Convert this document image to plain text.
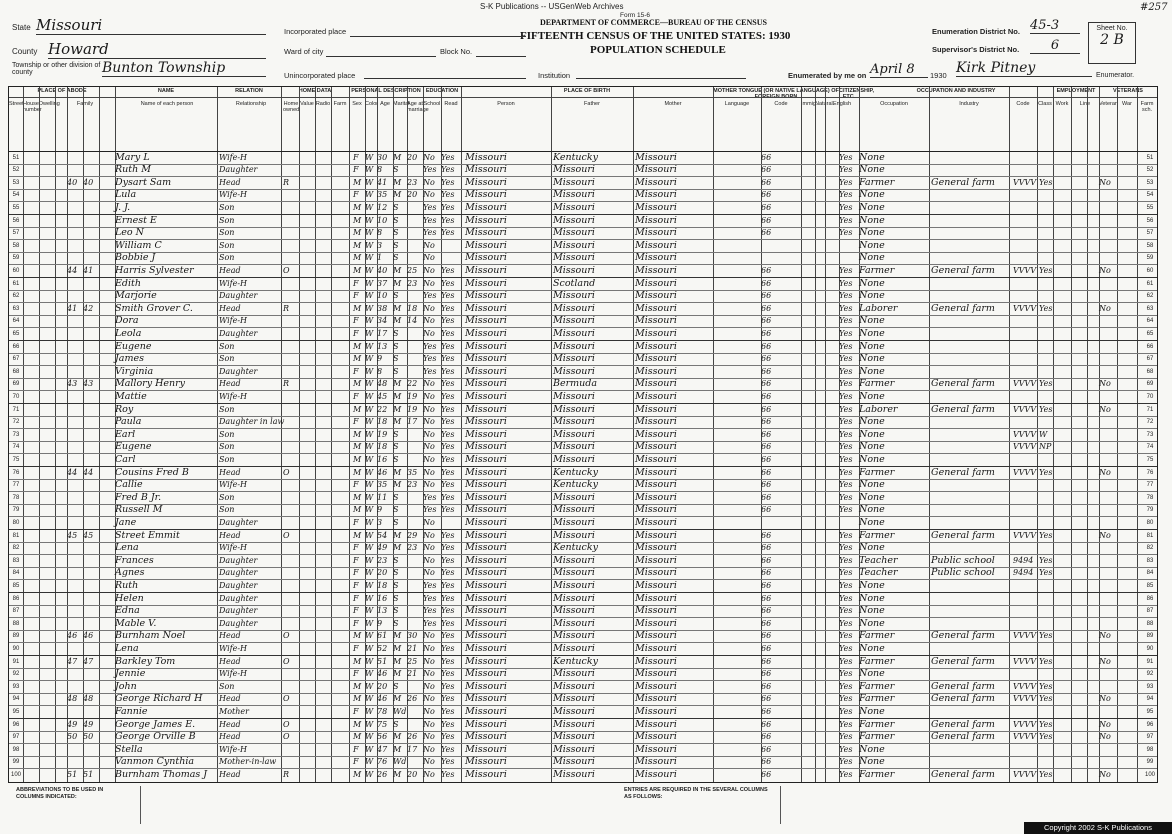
S-K Publications -- USGenWeb Archives
Form 15-6
DEPARTMENT OF COMMERCE—BUREAU OF THE CENSUS
FIFTEENTH CENSUS OF THE UNITED STATES: 1930
POPULATION SCHEDULE
State Missouri
County Howard
Township or other division of county	Bunton Township
Incorporated place
Ward of city	Block No.
Unincorporated place	Institution
Enumeration District No. 45-3
Supervisor's District No.	6
Sheet No.
2 B
#257
Enumerated by me on April 8	1930 Kirk Pitney	Enumerator.
PLACE OF ABODE	NAME	RELATION	HOME DATA	PERSONAL DESCRIPTION EDUCATION	PLACE OF BIRTH	MOTHER TONGUE (OR NATIVE LANGUAGE) OF FOREIGN BORN
CITIZENSHIP, ETC.
OCCUPATION AND INDUSTRY	EMPLOYMENT	VETERANS
Street House number
Dwelling	Family	Name of each person	Relationship	Home owned
Value Radio Farm	Sex Color Age Marital
Age at marriage
School Read	Person	Father	Mother	Language	Code	Immig.
Natural.
English	Occupation	Industry	Code	Class Work	Line	Veteran War	Farm sch.
51	Mary L	Wife-H	F W 30 M 20 No Yes	Missouri	Kentucky	Missouri	66	Yes None	51
52	Ruth M	Daughter	F W 8	S	Yes Yes	Missouri	Missouri	Missouri	66	Yes None	52
53	40 40	Dysart Sam	Head	R	M W 41 M 23 No Yes	Missouri	Missouri	Missouri	66	Yes Farmer	General farm	VVVV Yes	No	53
54	Lula	Wife-H	F W 35 M 20 No Yes	Missouri	Missouri	Missouri	66	Yes None	54
55	J. J.	Son	M W 12 S	Yes Yes	Missouri	Missouri	Missouri	66	Yes None	55
56	Ernest E	Son	M W 10 S	Yes Yes	Missouri	Missouri	Missouri	66	Yes None	56
57	Leo N	Son	M W 8	S	Yes Yes	Missouri	Missouri	Missouri	66	Yes None	57
58	William C	Son	M W 3	S	No	Missouri	Missouri	Missouri	None	58
59	Bobbie J	Son	M W 1	S	No	Missouri	Missouri	Missouri	None	59
60	44 41	Harris Sylvester	Head	O	M W 40 M 25 No Yes	Missouri	Missouri	Missouri	66	Yes Farmer	General farm	VVVV Yes	No	60
61	Edith	Wife-H	F W 37 M 23 No Yes	Missouri	Scotland	Missouri	66	Yes None	61
62	Marjorie	Daughter	F W 10 S	Yes Yes	Missouri	Missouri	Missouri	66	Yes None	62
63	41 42	Smith Grover C.	Head	R	M W 38 M 18 No Yes	Missouri	Missouri	Missouri	66	Yes Laborer	General farm	VVVV Yes	No	63
64	Dora	Wife-H	F W 34 M 14 No Yes	Missouri	Missouri	Missouri	66	Yes None	64
65	Leola	Daughter	F W 17 S	No Yes	Missouri	Missouri	Missouri	66	Yes None	65
66	Eugene	Son	M W 13 S	Yes Yes	Missouri	Missouri	Missouri	66	Yes None	66
67	James	Son	M W 9	S	Yes Yes	Missouri	Missouri	Missouri	66	Yes None	67
68	Virginia	Daughter	F W 8	S	Yes Yes	Missouri	Missouri	Missouri	66	Yes None	68
69	43 43	Mallory Henry	Head	R	M W 48 M 22 No Yes	Missouri	Bermuda	Missouri	66	Yes Farmer	General farm	VVVV Yes	No	69
70	Mattie	Wife-H	F W 45 M 19 No Yes	Missouri	Missouri	Missouri	66	Yes None	70
71	Roy	Son	M W 22 M 19 No Yes	Missouri	Missouri	Missouri	66	Yes Laborer	General farm	VVVV Yes	No	71
72	Paula	Daughter in law	F W 18 M 17 No Yes	Missouri	Missouri	Missouri	66	Yes None	72
73	Earl	Son	M W 19 S	No Yes	Missouri	Missouri	Missouri	66	Yes None	VVVV W	73
74	Eugene	Son	M W 18 S	No Yes	Missouri	Missouri	Missouri	66	Yes None	VVVV NP	74
75	Carl	Son	M W 16 S	No Yes	Missouri	Missouri	Missouri	66	Yes None	75
76	44 44	Cousins Fred B	Head	O	M W 46 M 35 No Yes	Missouri	Kentucky	Missouri	66	Yes Farmer	General farm	VVVV Yes	No	76
77	Callie	Wife-H	F W 35 M 23 No Yes	Missouri	Kentucky	Missouri	66	Yes None	77
78	Fred B Jr.	Son	M W 11 S	Yes Yes	Missouri	Missouri	Missouri	66	Yes None	78
79	Russell M	Son	M W 9	S	Yes Yes	Missouri	Missouri	Missouri	66	Yes None	79
80	Jane	Daughter	F W 3	S	No	Missouri	Missouri	Missouri	None	80
81	45 45	Street Emmit	Head	O	M W 54 M 29 No Yes	Missouri	Missouri	Missouri	66	Yes Farmer	General farm	VVVV Yes	No	81
82	Lena	Wife-H	F W 49 M 23 No Yes	Missouri	Kentucky	Missouri	66	Yes None	82
83	Frances	Daughter	F W 23 S	No Yes	Missouri	Missouri	Missouri	66	Yes Teacher	Public school	9494 Yes	83
84	Agnes	Daughter	F W 20 S	No Yes	Missouri	Missouri	Missouri	66	Yes Teacher	Public school	9494 Yes	84
85	Ruth	Daughter	F W 18 S	Yes Yes	Missouri	Missouri	Missouri	66	Yes None	85
86	Helen	Daughter	F W 16 S	Yes Yes	Missouri	Missouri	Missouri	66	Yes None	86
87	Edna	Daughter	F W 13 S	Yes Yes	Missouri	Missouri	Missouri	66	Yes None	87
88	Mable V.	Daughter	F W 9	S	Yes Yes	Missouri	Missouri	Missouri	66	Yes None	88
89	46 46	Burnham Noel	Head	O	M W 61 M 30 No Yes	Missouri	Missouri	Missouri	66	Yes Farmer	General farm	VVVV Yes	No	89
90	Lena	Wife-H	F W 52 M 21 No Yes	Missouri	Missouri	Missouri	66	Yes None	90
91	47 47	Barkley Tom	Head	O	M W 51 M 25 No Yes	Missouri	Kentucky	Missouri	66	Yes Farmer	General farm	VVVV Yes	No	91
92	Jennie	Wife-H	F W 46 M 21 No Yes	Missouri	Missouri	Missouri	66	Yes None	92
93	John	Son	M W 20 S	No Yes	Missouri	Missouri	Missouri	66	Yes Farmer	General farm	VVVV Yes	93
94	48 48	George Richard H	Head	O	M W 46 M 26 No Yes	Missouri	Missouri	Missouri	66	Yes Farmer	General farm	VVVV Yes	No	94
95	Fannie	Mother	F W 78 Wd No Yes	Missouri	Missouri	Missouri	66	Yes None	95
96	49 49	George James E.	Head	O	M W 75 S	No Yes	Missouri	Missouri	Missouri	66	Yes Farmer	General farm	VVVV Yes	No	96
97	50 50	George Orville B	Head	O	M W 56 M 26 No Yes	Missouri	Missouri	Missouri	66	Yes Farmer	General farm	VVVV Yes	No	97
98	Stella	Wife-H	F W 47 M 17 No Yes	Missouri	Missouri	Missouri	66	Yes None	98
99	Vanmon Cynthia	Mother-in-law	F W 76 Wd No Yes	Missouri	Missouri	Missouri	66	Yes None	99
100	51 51	Burnham Thomas J	Head	R	M W 26 M 20 No Yes	Missouri	Missouri	Missouri	66	Yes Farmer	General farm	VVVV Yes	No	100
ABBREVIATIONS TO BE USED IN COLUMNS INDICATED:
ENTRIES ARE REQUIRED IN THE SEVERAL COLUMNS AS FOLLOWS:
Copyright 2002 S-K Publications
